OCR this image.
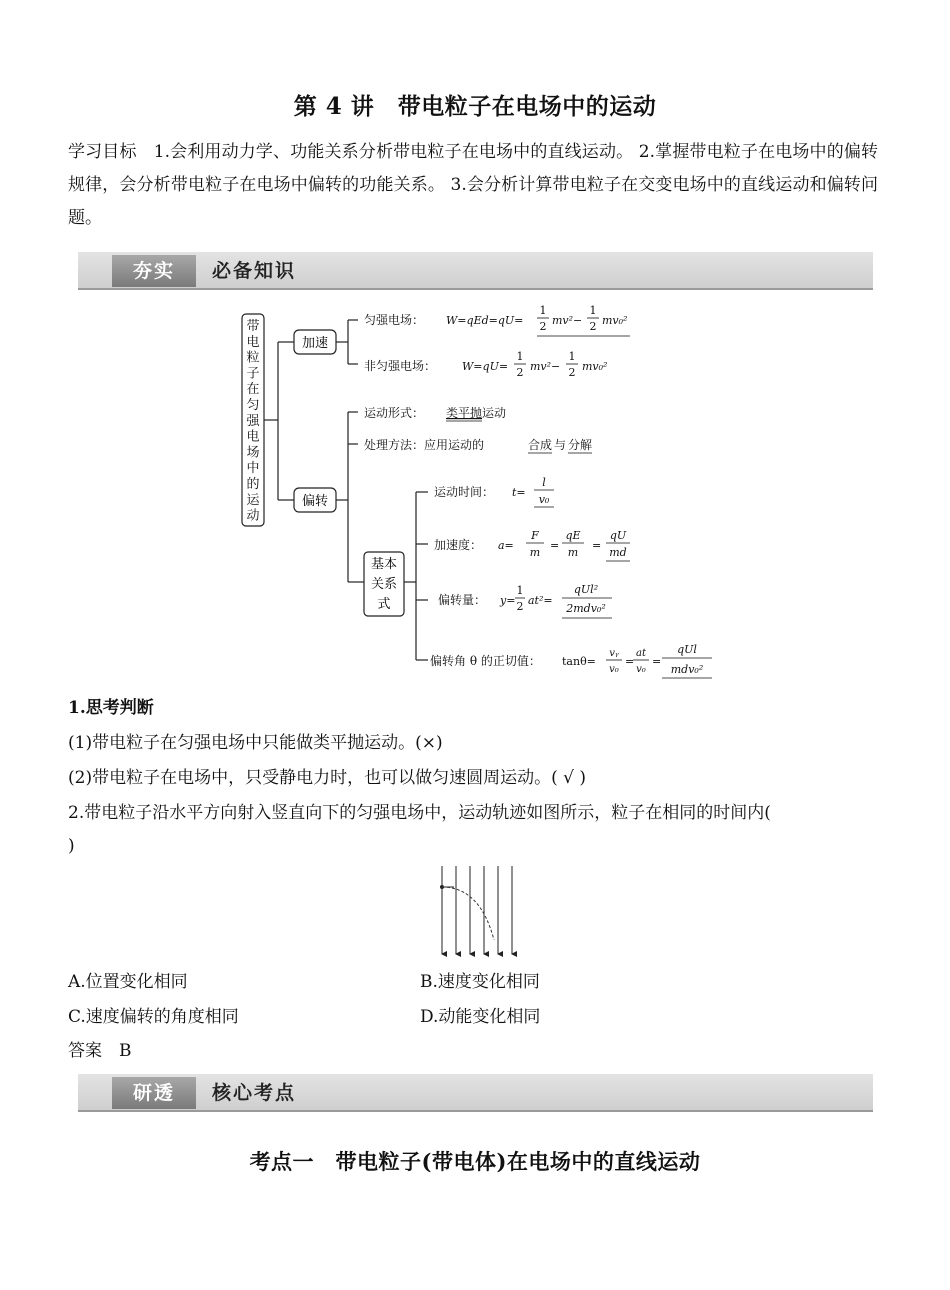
第 4 讲　带电粒子在电场中的运动
学习目标　1.会利用动力学、功能关系分析带电粒子在电场中的直线运动。 2.掌握带电粒子在电场中的偏转规律，会分析带电粒子在电场中偏转的功能关系。 3.会分析计算带电粒子在交变电场中的直线运动和偏转问题。
夯实	必备知识
带
电
粒
子
在
匀
强
电
场
中
的
运
动
加速
偏转
基本
关系
式
匀强电场： W=qEd=qU=
1
2 mv²−
1
2 mv₀²
非匀强电场： W=qU=
1
2 mv²−
1
2 mv₀²
运动形式： 类平抛 运动
处理方法：应用运动的	合成 与 分解
运动时间： t=
l
v₀
加速度： a=
F
m
=
qE
m
=
qU
md
偏转量： y=
1
2 at²=
qUl²
2mdv₀²
偏转角 θ 的正切值： tanθ=
vᵧ
v₀
=
at
v₀
=
qUl
mdv₀²
1.思考判断
(1)带电粒子在匀强电场中只能做类平抛运动。(×)
(2)带电粒子在电场中，只受静电力时，也可以做匀速圆周运动。( √ )
2.带电粒子沿水平方向射入竖直向下的匀强电场中，运动轨迹如图所示，粒子在相同的时间内(
)
A.位置变化相同	B.速度变化相同
C.速度偏转的角度相同	D.动能变化相同
答案　B
研透	核心考点
考点一　带电粒子(带电体)在电场中的直线运动
